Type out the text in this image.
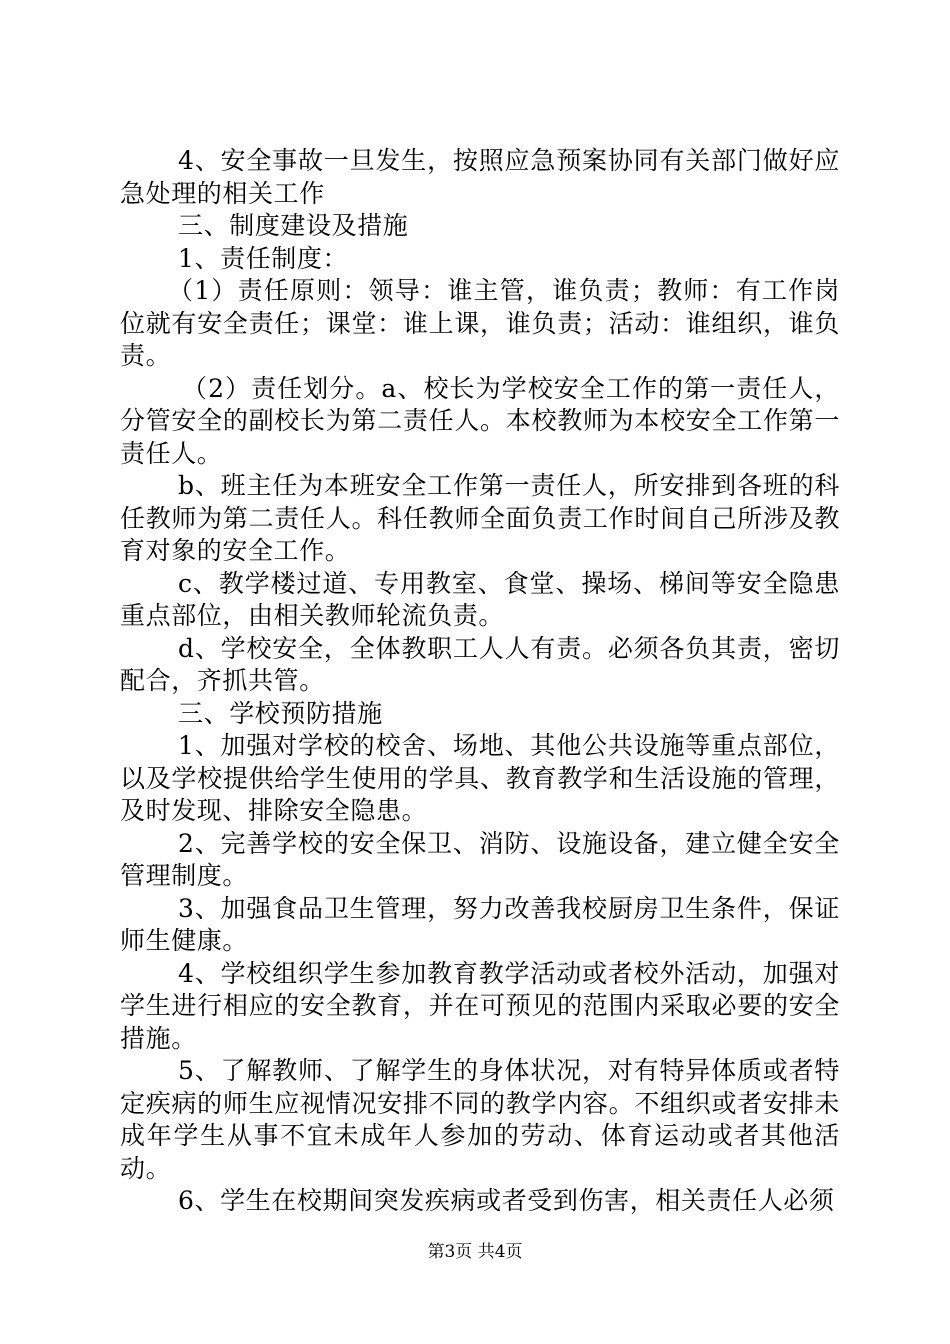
4、安全事故一旦发生，按照应急预案协同有关部门做好应急处理的相关工作

三、制度建设及措施

1、责任制度：

（1）责任原则：领导：谁主管，谁负责；教师：有工作岗位就有安全责任；课堂：谁上课，谁负责；活动：谁组织，谁负责。

（2）责任划分。a、校长为学校安全工作的第一责任人，分管安全的副校长为第二责任人。本校教师为本校安全工作第一责任人。

b、班主任为本班安全工作第一责任人，所安排到各班的科任教师为第二责任人。科任教师全面负责工作时间自己所涉及教育对象的安全工作。

c、教学楼过道、专用教室、食堂、操场、梯间等安全隐患重点部位，由相关教师轮流负责。

d、学校安全，全体教职工人人有责。必须各负其责，密切配合，齐抓共管。

三、学校预防措施

1、加强对学校的校舍、场地、其他公共设施等重点部位，以及学校提供给学生使用的学具、教育教学和生活设施的管理，及时发现、排除安全隐患。

2、完善学校的安全保卫、消防、设施设备，建立健全安全管理制度。

3、加强食品卫生管理，努力改善我校厨房卫生条件，保证师生健康。

4、学校组织学生参加教育教学活动或者校外活动，加强对学生进行相应的安全教育，并在可预见的范围内采取必要的安全措施。

5、了解教师、了解学生的身体状况，对有特异体质或者特定疾病的师生应视情况安排不同的教学内容。不组织或者安排未成年学生从事不宜未成年人参加的劳动、体育运动或者其他活动。

6、学生在校期间突发疾病或者受到伤害，相关责任人必须

第3页 共4页
